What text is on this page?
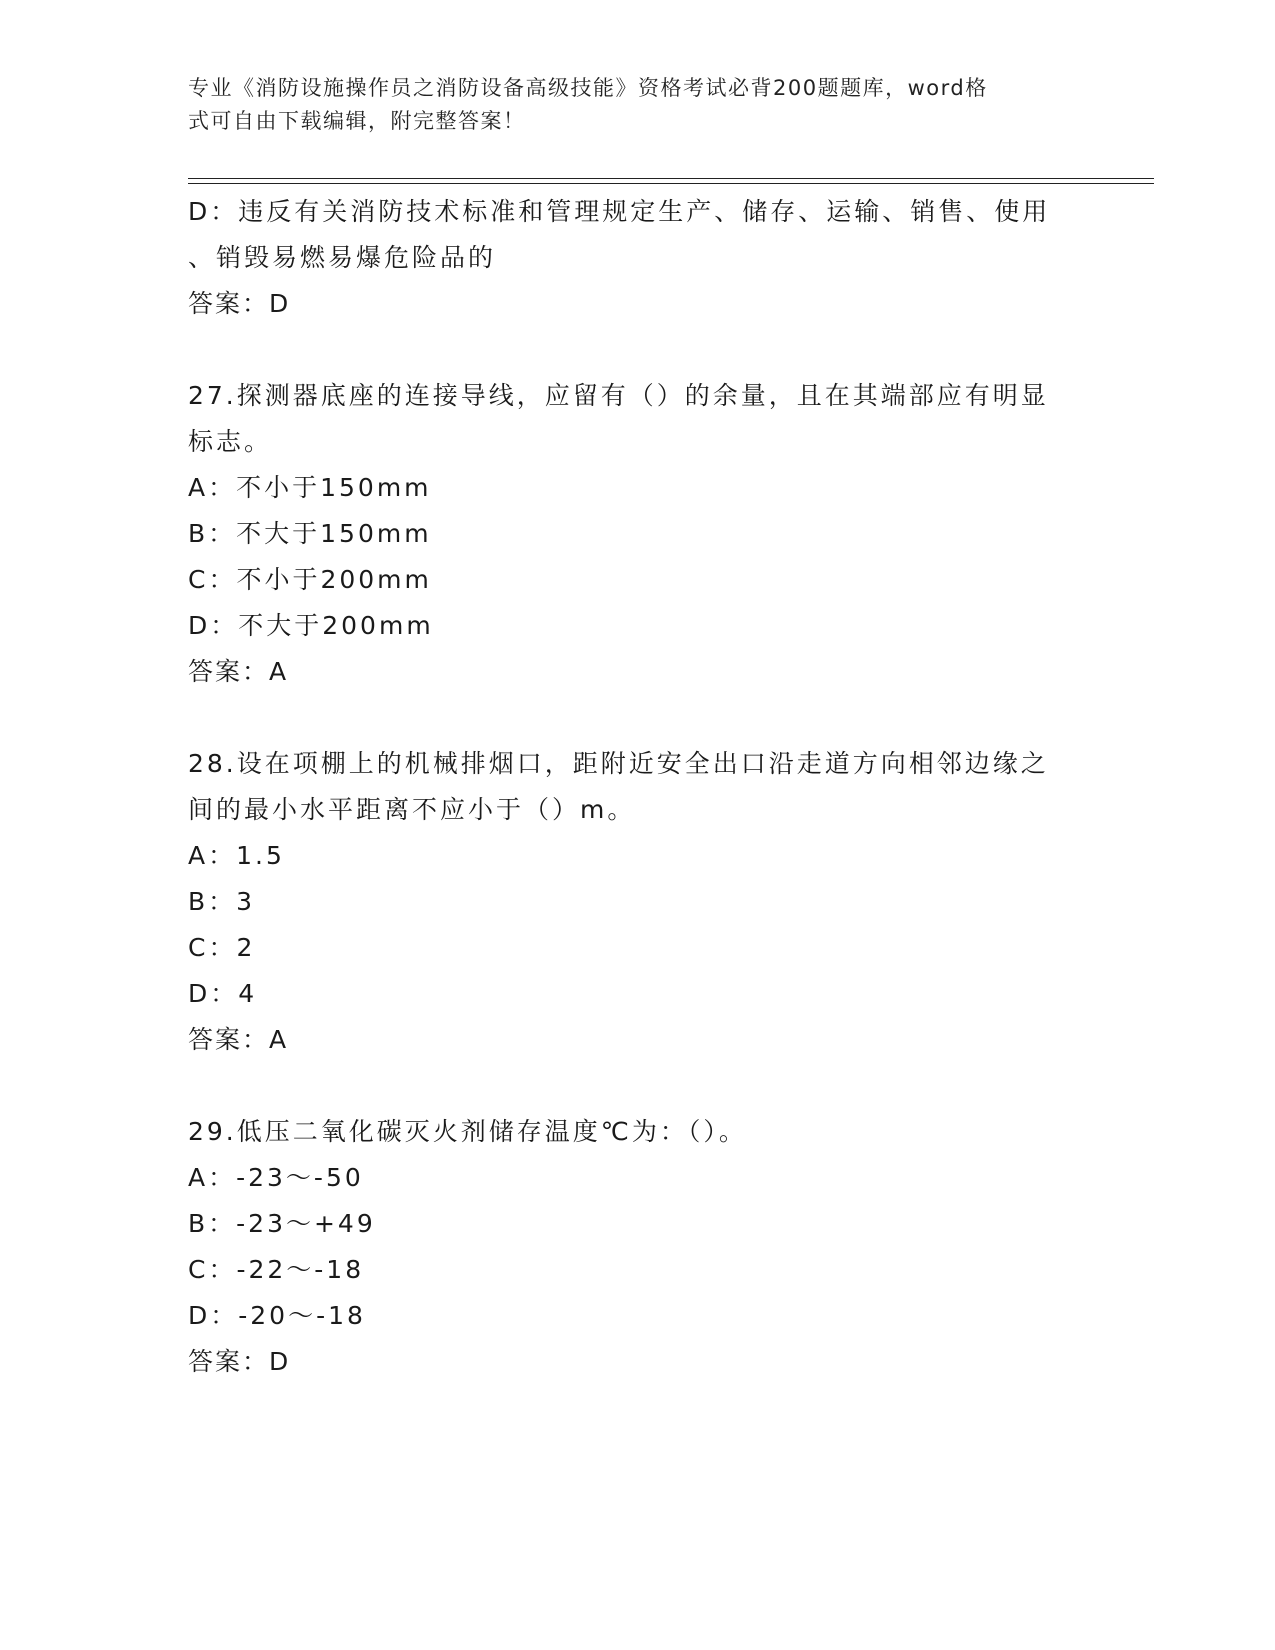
专业《消防设施操作员之消防设备高级技能》资格考试必背200题题库，word格
式可自由下载编辑，附完整答案！
D：违反有关消防技术标准和管理规定生产、储存、运输、销售、使用
、销毁易燃易爆危险品的
答案：D
27.探测器底座的连接导线，应留有（）的余量，且在其端部应有明显
标志。
A：不小于150mm
B：不大于150mm
C：不小于200mm
D：不大于200mm
答案：A
28.设在项棚上的机械排烟口，距附近安全出口沿走道方向相邻边缘之
间的最小水平距离不应小于（）m。
A：1.5
B：3
C：2
D：4
答案：A
29.低压二氧化碳灭火剂储存温度℃为：（）。
A：-23～-50
B：-23～+49
C：-22～-18
D：-20～-18
答案：D
